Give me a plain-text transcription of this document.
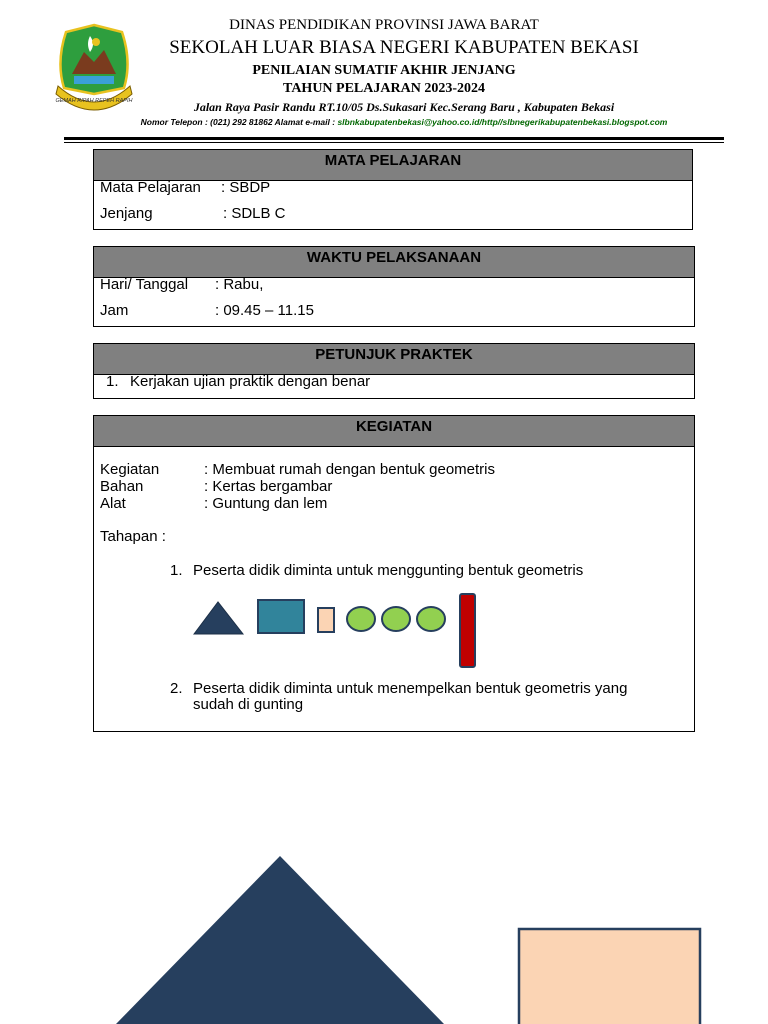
GEMAH RIPAH REPEH RAPIH
DINAS PENDIDIKAN PROVINSI JAWA BARAT
SEKOLAH LUAR BIASA NEGERI KABUPATEN BEKASI
PENILAIAN SUMATIF AKHIR JENJANG
TAHUN PELAJARAN 2023-2024
Jalan Raya Pasir Randu RT.10/05 Ds.Sukasari Kec.Serang Baru , Kabupaten Bekasi
Nomor Telepon : (021) 292 81862 Alamat e-mail : slbnkabupatenbekasi@yahoo.co.id/http//slbnegerikabupatenbekasi.blogspot.com
MATA PELAJARAN
Mata Pelajaran : SBDP
Jenjang	: SDLB C
WAKTU PELAKSANAAN
Hari/ Tanggal : Rabu,
Jam	: 09.45 – 11.15
PETUNJUK PRAKTEK
1. Kerjakan ujian praktik dengan benar
KEGIATAN
Kegiatan	: Membuat rumah dengan bentuk geometris
Bahan	: Kertas bergambar
Alat	: Guntung dan lem
Tahapan :
1. Peserta didik diminta untuk menggunting bentuk geometris
2. Peserta didik diminta untuk menempelkan bentuk geometris yang
sudah di gunting
